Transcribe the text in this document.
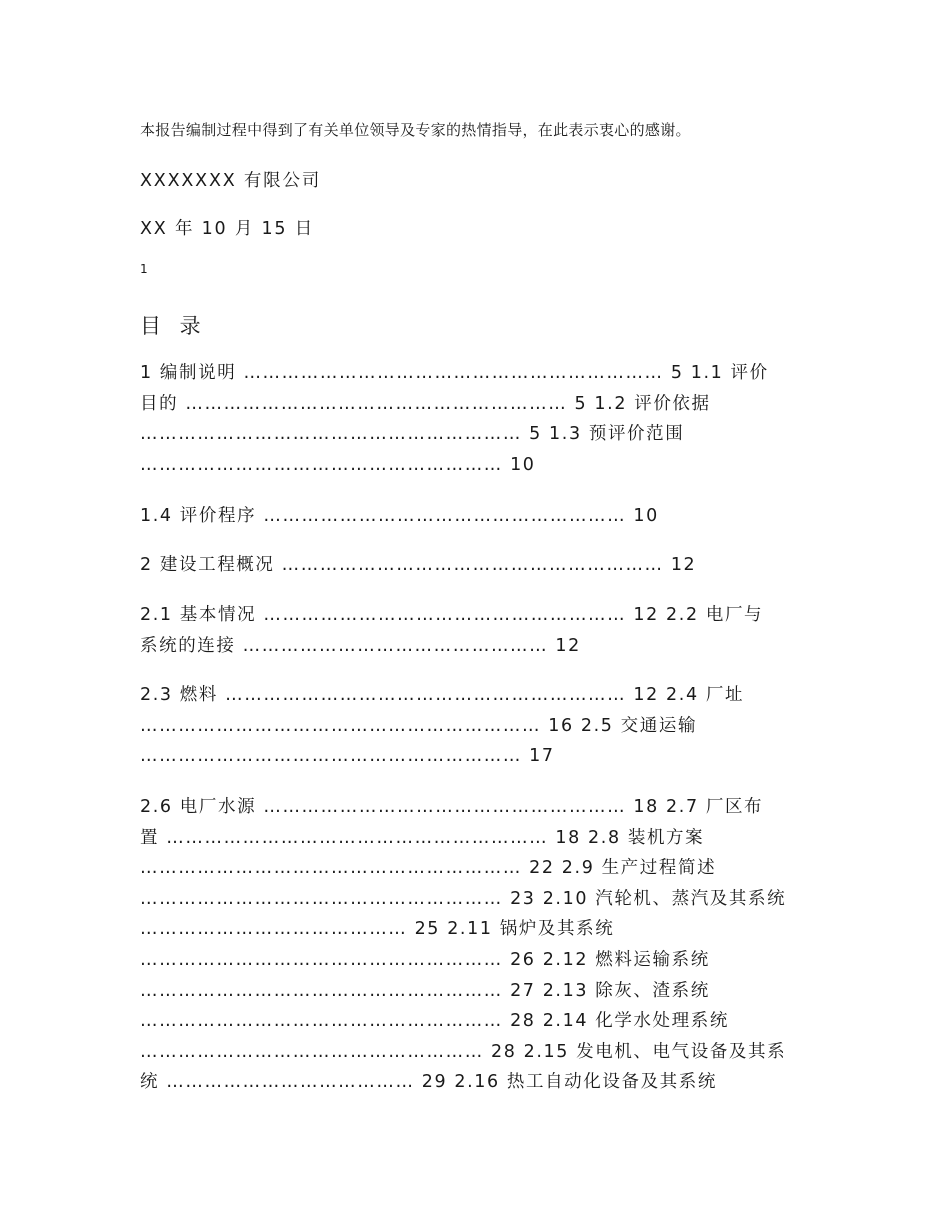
本报告编制过程中得到了有关单位领导及专家的热情指导，在此表示衷心的感谢。
XXXXXXX 有限公司
XX 年 10 月 15 日
1
目 录
1 编制说明 ………………………………………………………… 5 1.1 评价
目的 …………………………………………………… 5 1.2 评价依据
…………………………………………………… 5 1.3 预评价范围
………………………………………………… 10
1.4 评价程序 ………………………………………………… 10
2 建设工程概况 …………………………………………………… 12
2.1 基本情况 ………………………………………………… 12 2.2 电厂与
系统的连接 ………………………………………… 12
2.3 燃料 ……………………………………………………… 12 2.4 厂址
……………………………………………………… 16 2.5 交通运输
…………………………………………………… 17
2.6 电厂水源 ………………………………………………… 18 2.7 厂区布
置 …………………………………………………… 18 2.8 装机方案
…………………………………………………… 22 2.9 生产过程简述
………………………………………………… 23 2.10 汽轮机、蒸汽及其系统
…………………………………… 25 2.11 锅炉及其系统
………………………………………………… 26 2.12 燃料运输系统
………………………………………………… 27 2.13 除灰、渣系统
………………………………………………… 28 2.14 化学水处理系统
……………………………………………… 28 2.15 发电机、电气设备及其系
统 ………………………………… 29 2.16 热工自动化设备及其系统
